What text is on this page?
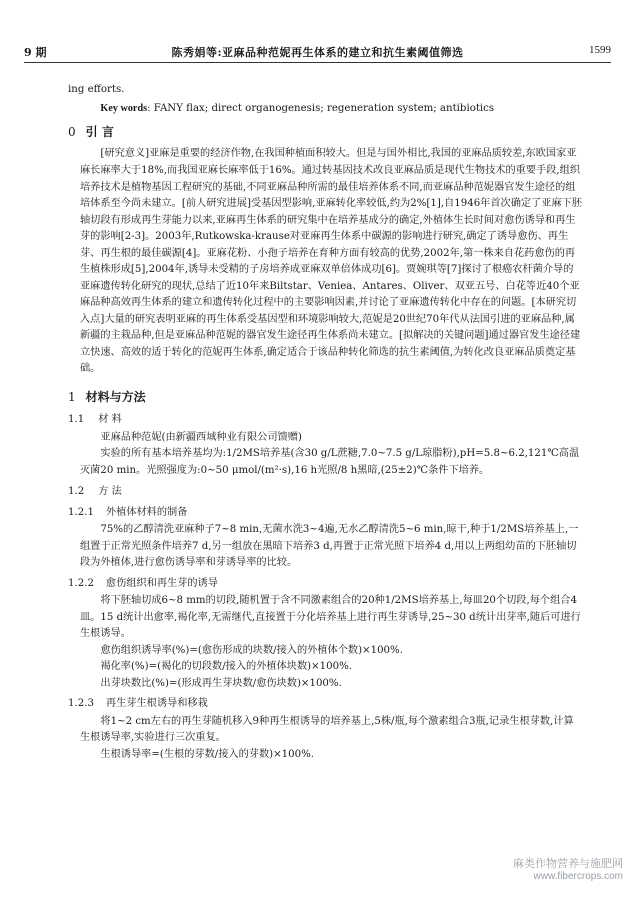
9 期	陈秀娟等:亚麻品种范妮再生体系的建立和抗生素阈值筛选	1599

ing efforts.

Key words: FANY flax; direct organogenesis; regeneration system; antibiotics

0 引 言

[研究意义]亚麻是重要的经济作物,在我国种植面积较大。但是与国外相比,我国的亚麻品质较差,东欧国家亚麻长麻率大于18%,而我国亚麻长麻率低于16%。通过转基因技术改良亚麻品质是现代生物技术的重要手段,组织培养技术是植物基因工程研究的基础,不同亚麻品种所需的最佳培养体系不同,而亚麻品种范妮器官发生途径的组培体系至今尚未建立。[前人研究进展]受基因型影响,亚麻转化率较低,约为2%[1],自1946年首次确定了亚麻下胚轴切段有形成再生芽能力以来,亚麻再生体系的研究集中在培养基成分的确定,外植体生长时间对愈伤诱导和再生芽的影响[2-3]。2003年,Rutkowska-krause对亚麻再生体系中碳源的影响进行研究,确定了诱导愈伤、再生芽、再生根的最佳碳源[4]。亚麻花粉、小孢子培养在育种方面有较高的优势,2002年,第一株来自花药愈伤的再生植株形成[5],2004年,诱导未受精的子房培养成亚麻双单倍体成功[6]。贾婉琪等[7]探讨了根癌农杆菌介导的亚麻遗传转化研究的现状,总结了近10年来Biltstar、Veniea、Antares、Oliver、双亚五号、白花等近40个亚麻品种高效再生体系的建立和遗传转化过程中的主要影响因素,并讨论了亚麻遗传转化中存在的问题。[本研究切入点]大量的研究表明亚麻的再生体系受基因型和环境影响较大,范妮是20世纪70年代从法国引进的亚麻品种,属新疆的主栽品种,但是亚麻品种范妮的器官发生途径再生体系尚未建立。[拟解决的关键问题]通过器官发生途径建立快速、高效的适于转化的范妮再生体系,确定适合于该品种转化筛选的抗生素阈值,为转化改良亚麻品质奠定基础。

1 材料与方法
1.1 材 料

亚麻品种范妮(由新疆西域种业有限公司馈赠)

实验的所有基本培养基均为:1/2MS培养基(含30 g/L蔗糖,7.0~7.5 g/L琼脂粉),pH=5.8~6.2,121℃高温灭菌20 min。光照强度为:0~50 μmol/(m²·s),16 h光照/8 h黑暗,(25±2)℃条件下培养。

1.2 方 法
1.2.1 外植体材料的制备

75%的乙醇清洗亚麻种子7~8 min,无菌水洗3~4遍,无水乙醇清洗5~6 min,晾干,种于1/2MS培养基上,一组置于正常光照条件培养7 d,另一组放在黑暗下培养3 d,再置于正常光照下培养4 d,用以上两组幼苗的下胚轴切段为外植体,进行愈伤诱导率和芽诱导率的比较。

1.2.2 愈伤组织和再生芽的诱导

将下胚轴切成6~8 mm的切段,随机置于含不同激素组合的20种1/2MS培养基上,每皿20个切段,每个组合4皿。15 d统计出愈率,褐化率,无需继代,直接置于分化培养基上进行再生芽诱导,25~30 d统计出芽率,随后可进行生根诱导。

愈伤组织诱导率(%)=(愈伤形成的块数/接入的外植体个数)×100%.

褐化率(%)=(褐化的切段数/接入的外植体块数)×100%.

出芽块数比(%)=(形成再生芽块数/愈伤块数)×100%.

1.2.3 再生芽生根诱导和移栽

将1~2 cm左右的再生芽随机移入9种再生根诱导的培养基上,5株/瓶,每个激素组合3瓶,记录生根芽数,计算生根诱导率,实验进行三次重复。

生根诱导率=(生根的芽数/接入的芽数)×100%.

麻类作物营养与施肥网
www.fibercrops.com
